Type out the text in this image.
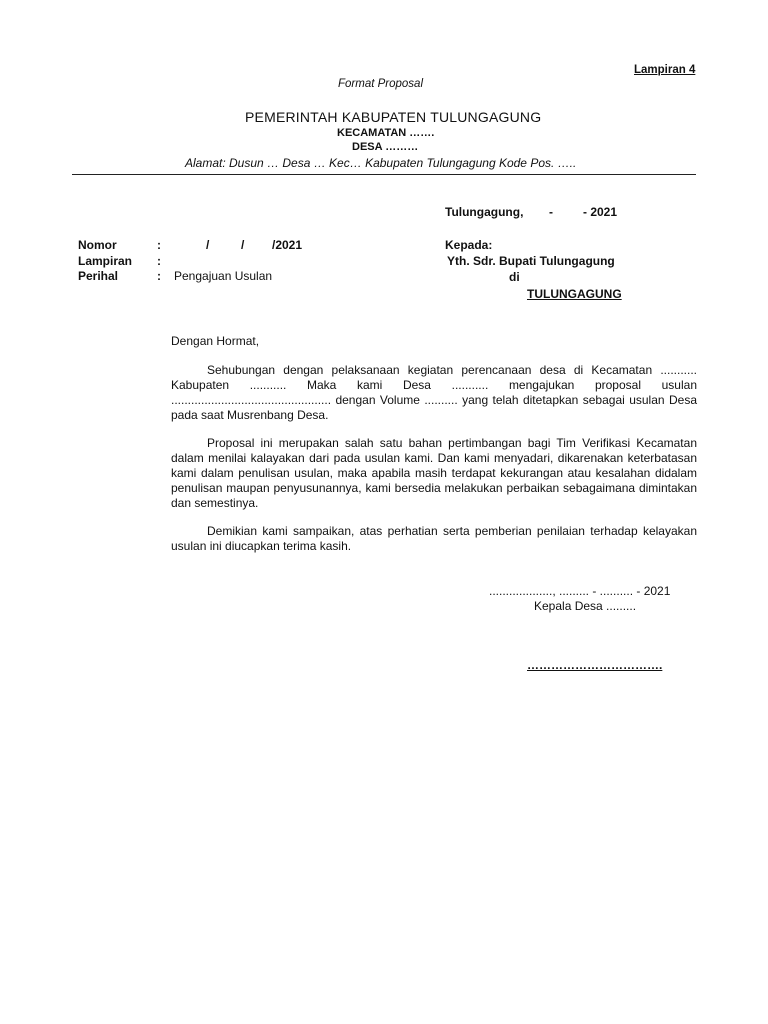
Lampiran 4
Format Proposal
PEMERINTAH KABUPATEN TULUNGAGUNG
KECAMATAN …….
DESA ………
Alamat: Dusun … Desa … Kec… Kabupaten Tulungagung Kode Pos. …..
Tulungagung, -	- 2021
Nomor	:	/	/ /2021
Lampiran :
Perihal	: Pengajuan Usulan
Kepada:
Yth. Sdr. Bupati Tulungagung
di
TULUNGAGUNG
Dengan Hormat,
Sehubungan dengan pelaksanaan kegiatan perencanaan desa di Kecamatan ........... Kabupaten ........... Maka kami Desa ........... mengajukan proposal usulan ................................................ dengan Volume .......... yang telah ditetapkan sebagai usulan Desa pada saat Musrenbang Desa.
Proposal ini merupakan salah satu bahan pertimbangan bagi Tim Verifikasi Kecamatan dalam menilai kalayakan dari pada usulan kami. Dan kami menyadari, dikarenakan keterbatasan kami dalam penulisan usulan, maka apabila masih terdapat kekurangan atau kesalahan didalam penulisan maupan penyusunannya, kami bersedia melakukan perbaikan sebagaimana dimintakan dan semestinya.
Demikian kami sampaikan, atas perhatian serta pemberian penilaian terhadap kelayakan usulan ini diucapkan terima kasih.
..................., ......... - .......... - 2021
Kepala Desa .........
…………………………….
